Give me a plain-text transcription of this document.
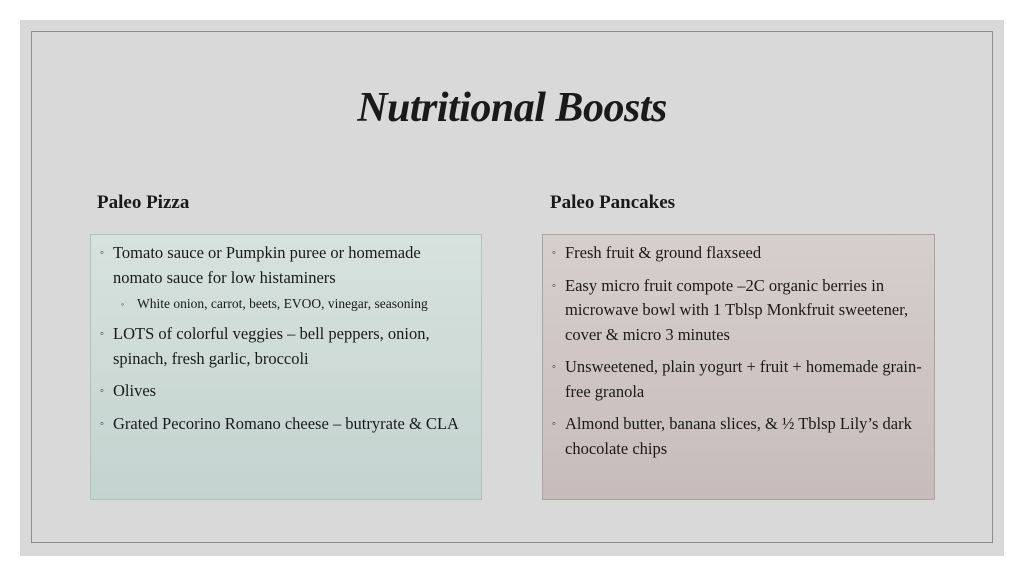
Nutritional Boosts
Paleo Pizza	Paleo Pancakes
◦ Tomato sauce or Pumpkin puree or homemade nomato sauce for low histaminers
◦ White onion, carrot, beets, EVOO, vinegar, seasoning
◦ LOTS of colorful veggies – bell peppers, onion, spinach, fresh garlic, broccoli
◦ Olives
◦ Grated Pecorino Romano cheese – butryrate & CLA
◦ Fresh fruit & ground flaxseed
◦ Easy micro fruit compote –2C organic berries in microwave bowl with 1 Tblsp Monkfruit sweetener, cover & micro 3 minutes
◦ Unsweetened, plain yogurt + fruit + homemade grain-free granola
◦ Almond butter, banana slices, & ½ Tblsp Lily’s dark chocolate chips
